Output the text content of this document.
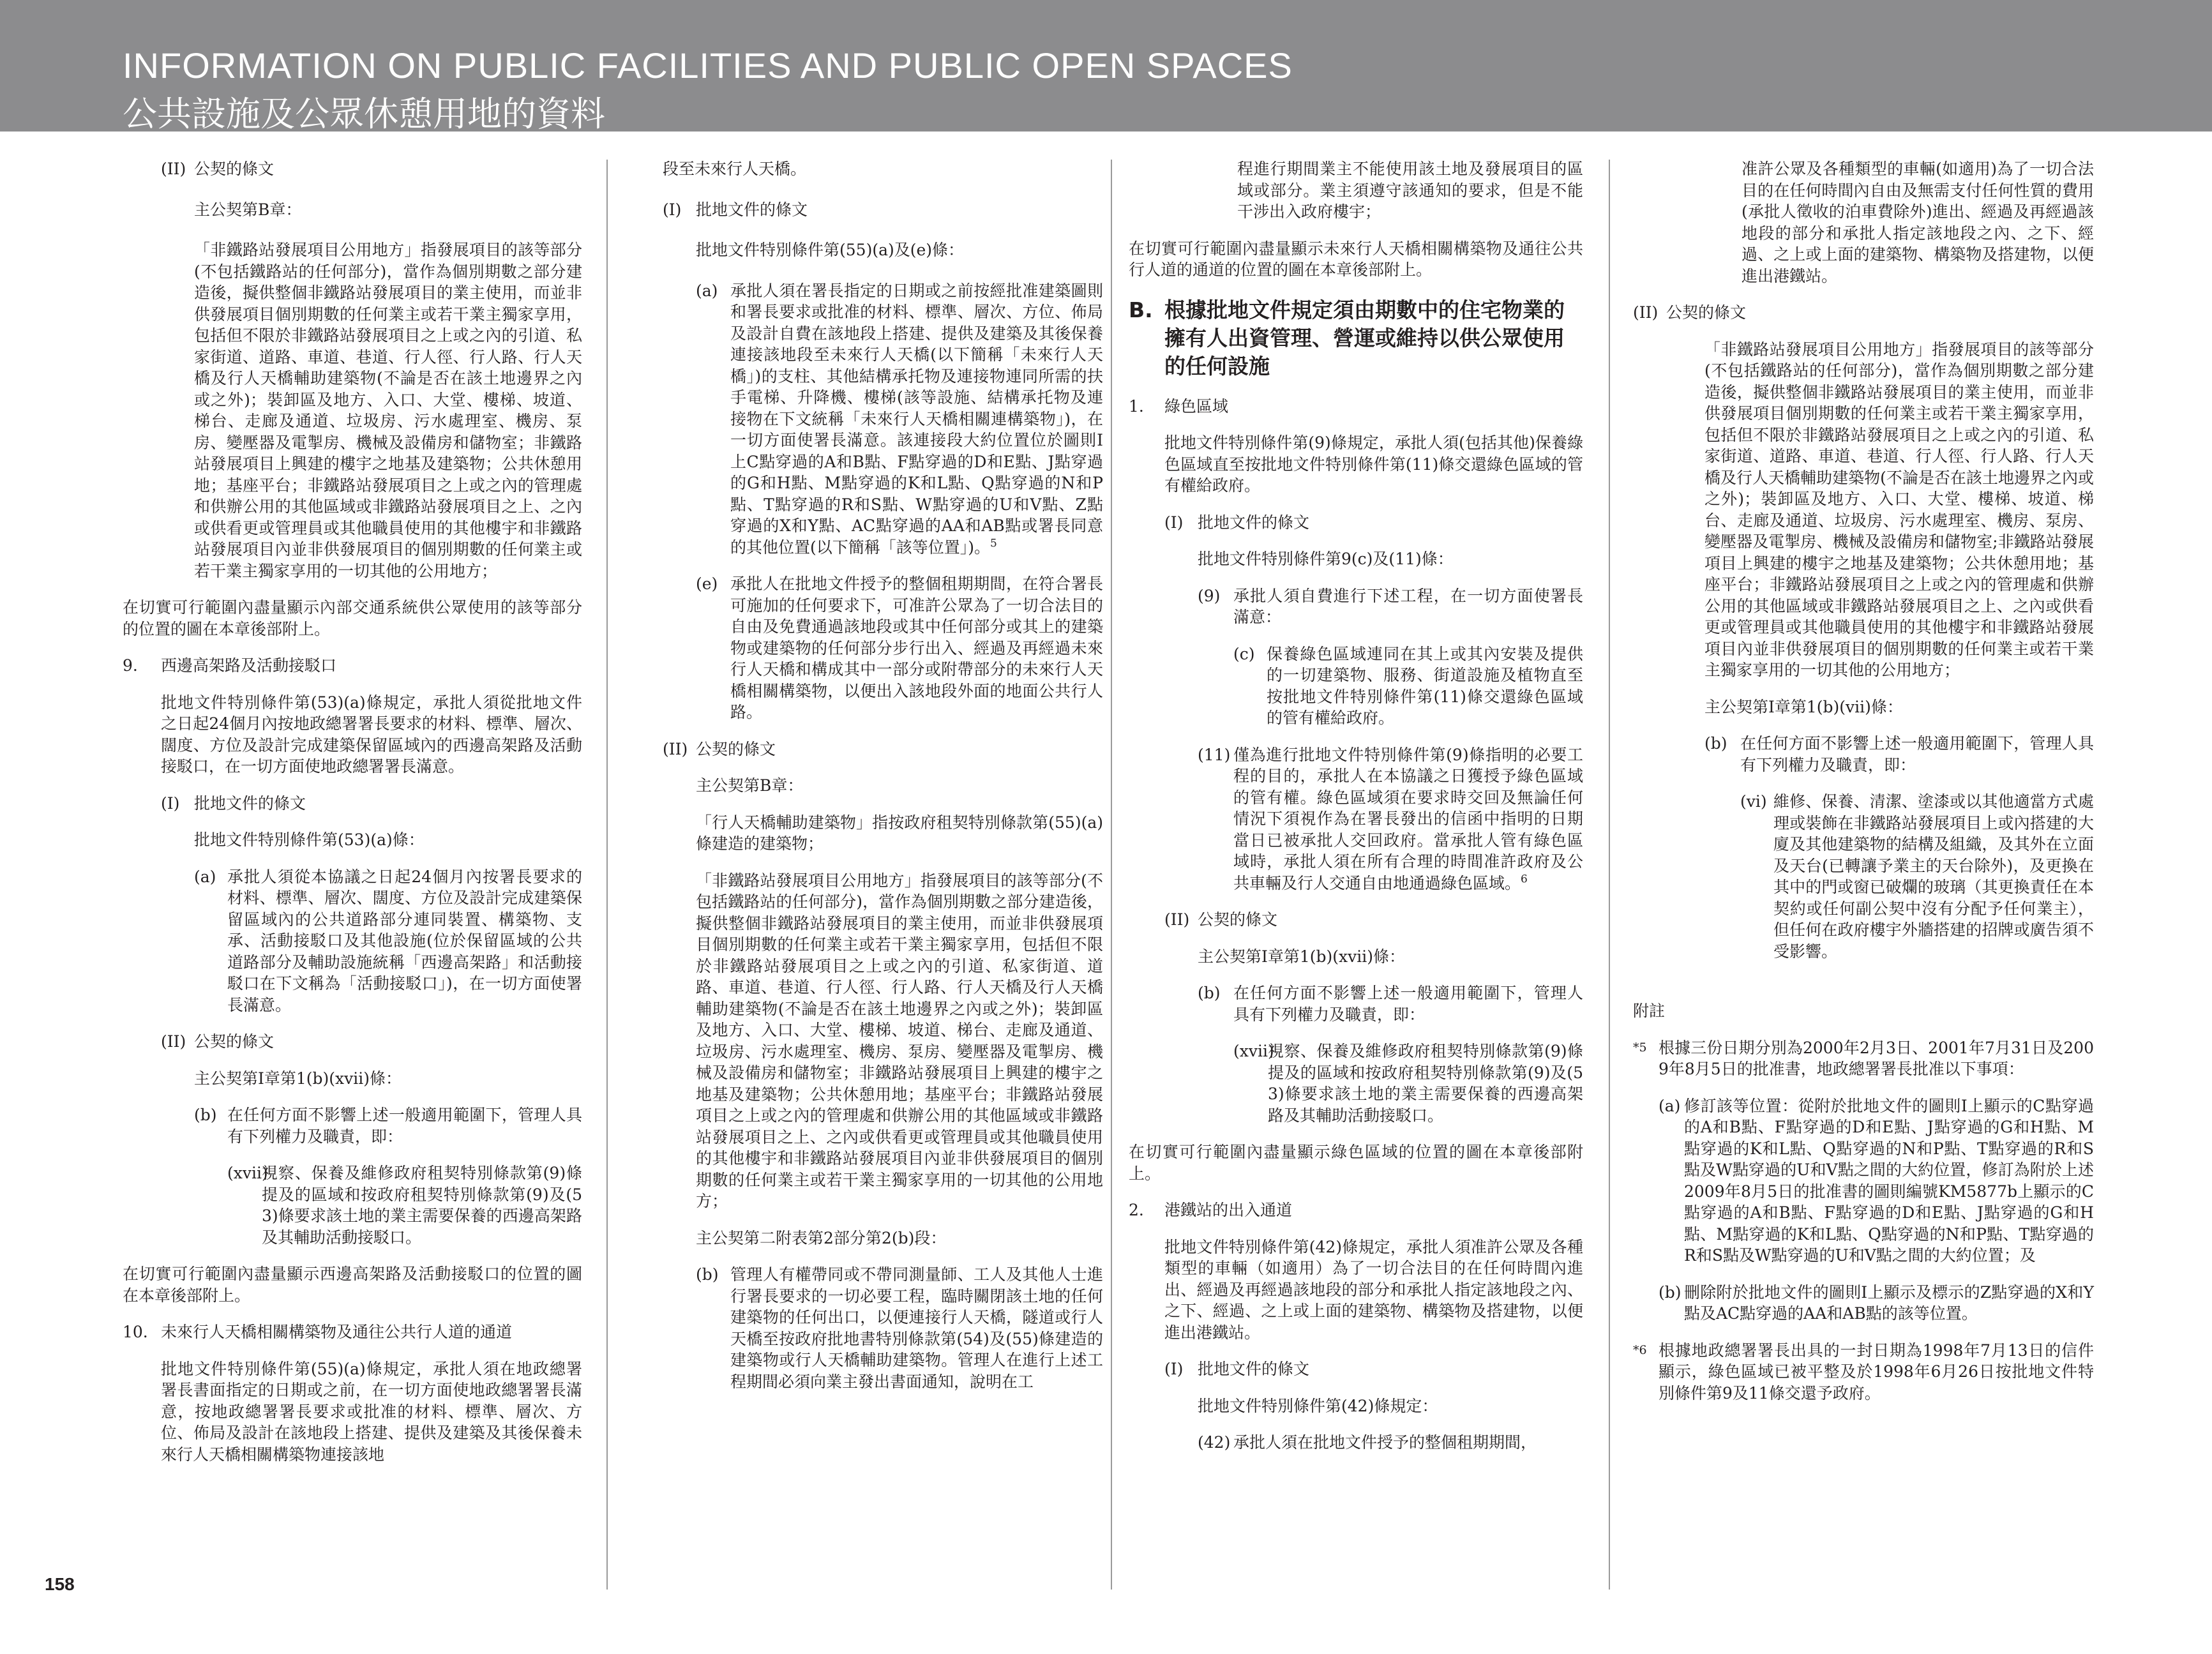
INFORMATION ON PUBLIC FACILITIES AND PUBLIC OPEN SPACES
公共設施及公眾休憩用地的資料
(II) 公契的條文
主公契第B章：
「非鐵路站發展項目公用地方」指發展項目的該等部分(不包括鐵路站的任何部分)，當作為個別期數之部分建造後，擬供整個非鐵路站發展項目的業主使用，而並非供發展項目個別期數的任何業主或若干業主獨家享用，包括但不限於非鐵路站發展項目之上或之內的引道、私家街道、道路、車道、巷道、行人徑、行人路、行人天橋及行人天橋輔助建築物(不論是否在該土地邊界之內或之外)；裝卸區及地方、入口、大堂、樓梯、坡道、梯台、走廊及通道、垃圾房、污水處理室、機房、泵房、變壓器及電掣房、機械及設備房和儲物室；非鐵路站發展項目上興建的樓宇之地基及建築物；公共休憩用地；基座平台；非鐵路站發展項目之上或之內的管理處和供辦公用的其他區域或非鐵路站發展項目之上、之內或供看更或管理員或其他職員使用的其他樓宇和非鐵路站發展項目內並非供發展項目的個別期數的任何業主或若干業主獨家享用的一切其他的公用地方；
在切實可行範圍內盡量顯示內部交通系統供公眾使用的該等部分的位置的圖在本章後部附上。
9.	西邊高架路及活動接駁口
批地文件特別條件第(53)(a)條規定，承批人須從批地文件之日起24個月內按地政總署署長要求的材料、標準、層次、闊度、方位及設計完成建築保留區域內的西邊高架路及活動接駁口，在一切方面使地政總署署長滿意。
(I) 批地文件的條文
批地文件特別條件第(53)(a)條：
(a) 承批人須從本協議之日起24個月內按署長要求的材料、標準、層次、闊度、方位及設計完成建築保留區域內的公共道路部分連同裝置、構築物、支承、活動接駁口及其他設施(位於保留區域的公共道路部分及輔助設施統稱「西邊高架路」和活動接駁口在下文稱為「活動接駁口」)，在一切方面使署長滿意。
(II) 公契的條文
主公契第I章第1(b)(xvii)條：
(b) 在任何方面不影響上述一般適用範圍下，管理人具有下列權力及職責，即：
(xvii)
視察、保養及維修政府租契特別條款第(9)條提及的區域和按政府租契特別條款第(9)及(53)條要求該土地的業主需要保養的西邊高架路及其輔助活動接駁口。
在切實可行範圍內盡量顯示西邊高架路及活動接駁口的位置的圖在本章後部附上。
10. 未來行人天橋相關構築物及通往公共行人道的通道
批地文件特別條件第(55)(a)條規定，承批人須在地政總署署長書面指定的日期或之前，在一切方面使地政總署署長滿意，按地政總署署長要求或批准的材料、標準、層次、方位、佈局及設計在該地段上搭建、提供及建築及其後保養未來行人天橋相關構築物連接該地
段至未來行人天橋。
(I) 批地文件的條文
批地文件特別條件第(55)(a)及(e)條：
(a) 承批人須在署長指定的日期或之前按經批准建築圖則和署長要求或批准的材料、標準、層次、方位、佈局及設計自費在該地段上搭建、提供及建築及其後保養連接該地段至未來行人天橋(以下簡稱「未來行人天橋」)的支柱、其他結構承托物及連接物連同所需的扶手電梯、升降機、樓梯(該等設施、結構承托物及連接物在下文統稱「未來行人天橋相關連構築物」)，在一切方面使署長滿意。該連接段大約位置位於圖則I上C點穿過的A和B點、F點穿過的D和E點、J點穿過的G和H點、M點穿過的K和L點、Q點穿過的N和P點、T點穿過的R和S點、W點穿過的U和V點、Z點穿過的X和Y點、AC點穿過的AA和AB點或署長同意的其他位置(以下簡稱「該等位置」)。$^5$
(e) 承批人在批地文件授予的整個租期期間，在符合署長可施加的任何要求下，可准許公眾為了一切合法目的自由及免費通過該地段或其中任何部分或其上的建築物或建築物的任何部分步行出入、經過及再經過未來行人天橋和構成其中一部分或附帶部分的未來行人天橋相關構築物，以便出入該地段外面的地面公共行人路。
(II) 公契的條文
主公契第B章：
「行人天橋輔助建築物」指按政府租契特別條款第(55)(a)條建造的建築物；
「非鐵路站發展項目公用地方」指發展項目的該等部分(不包括鐵路站的任何部分)，當作為個別期數之部分建造後，擬供整個非鐵路站發展項目的業主使用，而並非供發展項目個別期數的任何業主或若干業主獨家享用，包括但不限於非鐵路站發展項目之上或之內的引道、私家街道、道路、車道、巷道、行人徑、行人路、行人天橋及行人天橋輔助建築物(不論是否在該土地邊界之內或之外)；裝卸區及地方、入口、大堂、樓梯、坡道、梯台、走廊及通道、垃圾房、污水處理室、機房、泵房、變壓器及電掣房、機械及設備房和儲物室；非鐵路站發展項目上興建的樓宇之地基及建築物；公共休憩用地；基座平台；非鐵路站發展項目之上或之內的管理處和供辦公用的其他區域或非鐵路站發展項目之上、之內或供看更或管理員或其他職員使用的其他樓宇和非鐵路站發展項目內並非供發展項目的個別期數的任何業主或若干業主獨家享用的一切其他的公用地方；
主公契第二附表第2部分第2(b)段：
(b) 管理人有權帶同或不帶同測量師、工人及其他人士進行署長要求的一切必要工程，臨時關閉該土地的任何建築物的任何出口，以便連接行人天橋，隧道或行人天橋至按政府批地書特別條款第(54)及(55)條建造的建築物或行人天橋輔助建築物。管理人在進行上述工程期間必須向業主發出書面通知，說明在工
程進行期間業主不能使用該土地及發展項目的區域或部分。業主須遵守該通知的要求，但是不能干涉出入政府樓宇；
在切實可行範圍內盡量顯示未來行人天橋相關構築物及通往公共行人道的通道的位置的圖在本章後部附上。
B. 根據批地文件規定須由期數中的住宅物業的擁有人出資管理、營運或維持以供公眾使用的任何設施
1.	綠色區域
批地文件特別條件第(9)條規定，承批人須(包括其他)保養綠色區域直至按批地文件特別條件第(11)條交還綠色區域的管有權給政府。
(I) 批地文件的條文
批地文件特別條件第9(c)及(11)條：
(9) 承批人須自費進行下述工程，在一切方面使署長滿意：
(c) 保養綠色區域連同在其上或其內安裝及提供的一切建築物、服務、街道設施及植物直至按批地文件特別條件第(11)條交還綠色區域的管有權給政府。
(11) 僅為進行批地文件特別條件第(9)條指明的必要工程的目的，承批人在本協議之日獲授予綠色區域的管有權。綠色區域須在要求時交回及無論任何情況下須視作為在署長發出的信函中指明的日期當日已被承批人交回政府。當承批人管有綠色區域時，承批人須在所有合理的時間准許政府及公共車輛及行人交通自由地通過綠色區域。$^6$
(II) 公契的條文
主公契第I章第1(b)(xvii)條：
(b) 在任何方面不影響上述一般適用範圍下，管理人具有下列權力及職責，即：
(xvii)
視察、保養及維修政府租契特別條款第(9)條提及的區域和按政府租契特別條款第(9)及(53)條要求該土地的業主需要保養的西邊高架路及其輔助活動接駁口。
在切實可行範圍內盡量顯示綠色區域的位置的圖在本章後部附上。
2.	港鐵站的出入通道
批地文件特別條件第(42)條規定，承批人須准許公眾及各種類型的車輛（如適用）為了一切合法目的在任何時間內進出、經過及再經過該地段的部分和承批人指定該地段之內、之下、經過、之上或上面的建築物、構築物及搭建物，以便進出港鐵站。
(I) 批地文件的條文
批地文件特別條件第(42)條規定：
(42) 承批人須在批地文件授予的整個租期期間，
准許公眾及各種類型的車輛(如適用)為了一切合法目的在任何時間內自由及無需支付任何性質的費用(承批人徵收的泊車費除外)進出、經過及再經過該地段的部分和承批人指定該地段之內、之下、經過、之上或上面的建築物、構築物及搭建物，以便進出港鐵站。
(II) 公契的條文
「非鐵路站發展項目公用地方」指發展項目的該等部分(不包括鐵路站的任何部分)，當作為個別期數之部分建造後，擬供整個非鐵路站發展項目的業主使用，而並非供發展項目個別期數的任何業主或若干業主獨家享用，包括但不限於非鐵路站發展項目之上或之內的引道、私家街道、道路、車道、巷道、行人徑、行人路、行人天橋及行人天橋輔助建築物(不論是否在該土地邊界之內或之外)；裝卸區及地方、入口、大堂、樓梯、坡道、梯台、走廊及通道、垃圾房、污水處理室、機房、泵房、變壓器及電掣房、機械及設備房和儲物室;非鐵路站發展項目上興建的樓宇之地基及建築物；公共休憩用地；基座平台；非鐵路站發展項目之上或之內的管理處和供辦公用的其他區域或非鐵路站發展項目之上、之內或供看更或管理員或其他職員使用的其他樓宇和非鐵路站發展項目內並非供發展項目的個別期數的任何業主或若干業主獨家享用的一切其他的公用地方；
主公契第I章第1(b)(vii)條：
(b) 在任何方面不影響上述一般適用範圍下，管理人具有下列權力及職責，即：
(vi) 維修、保養、清潔、塗漆或以其他適當方式處理或裝飾在非鐵路站發展項目上或內搭建的大廈及其他建築物的結構及組織，及其外在立面及天台(已轉讓予業主的天台除外)，及更換在其中的門或窗已破爛的玻璃（其更換責任在本契約或任何副公契中沒有分配予任何業主），但任何在政府樓宇外牆搭建的招牌或廣告須不受影響。
附註
*5 根據三份日期分別為2000年2月3日、2001年7月31日及2009年8月5日的批准書，地政總署署長批准以下事項：
(a) 修訂該等位置：從附於批地文件的圖則I上顯示的C點穿過的A和B點、F點穿過的D和E點、J點穿過的G和H點、M點穿過的K和L點、Q點穿過的N和P點、T點穿過的R和S點及W點穿過的U和V點之間的大約位置，修訂為附於上述2009年8月5日的批准書的圖則編號KM5877b上顯示的C點穿過的A和B點、F點穿過的D和E點、J點穿過的G和H點、M點穿過的K和L點、Q點穿過的N和P點、T點穿過的R和S點及W點穿過的U和V點之間的大約位置；及
(b) 刪除附於批地文件的圖則I上顯示及標示的Z點穿過的X和Y點及AC點穿過的AA和AB點的該等位置。
*6 根據地政總署署長出具的一封日期為1998年7月13日的信件顯示，綠色區域已被平整及於1998年6月26日按批地文件特別條件第9及11條交還予政府。
158
